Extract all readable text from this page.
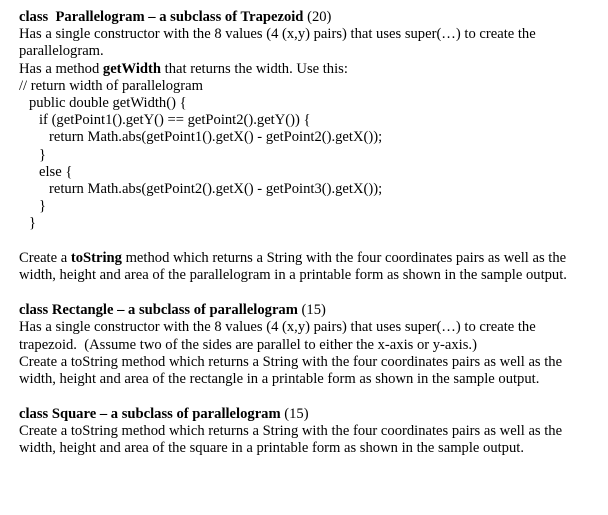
class  Parallelogram – a subclass of Trapezoid (20)
Has a single constructor with the 8 values (4 (x,y) pairs) that uses super(…) to create the
parallelogram.
Has a method getWidth that returns the width. Use this:
// return width of parallelogram
public double getWidth() {
if (getPoint1().getY() == getPoint2().getY()) {
return Math.abs(getPoint1().getX() - getPoint2().getX());
}
else {
return Math.abs(getPoint2().getX() - getPoint3().getX());
}
}
Create a toString method which returns a String with the four coordinates pairs as well as the
width, height and area of the parallelogram in a printable form as shown in the sample output.
class Rectangle – a subclass of parallelogram (15)
Has a single constructor with the 8 values (4 (x,y) pairs) that uses super(…) to create the
trapezoid.  (Assume two of the sides are parallel to either the x-axis or y-axis.)
Create a toString method which returns a String with the four coordinates pairs as well as the
width, height and area of the rectangle in a printable form as shown in the sample output.
class Square – a subclass of parallelogram (15)
Create a toString method which returns a String with the four coordinates pairs as well as the
width, height and area of the square in a printable form as shown in the sample output.
